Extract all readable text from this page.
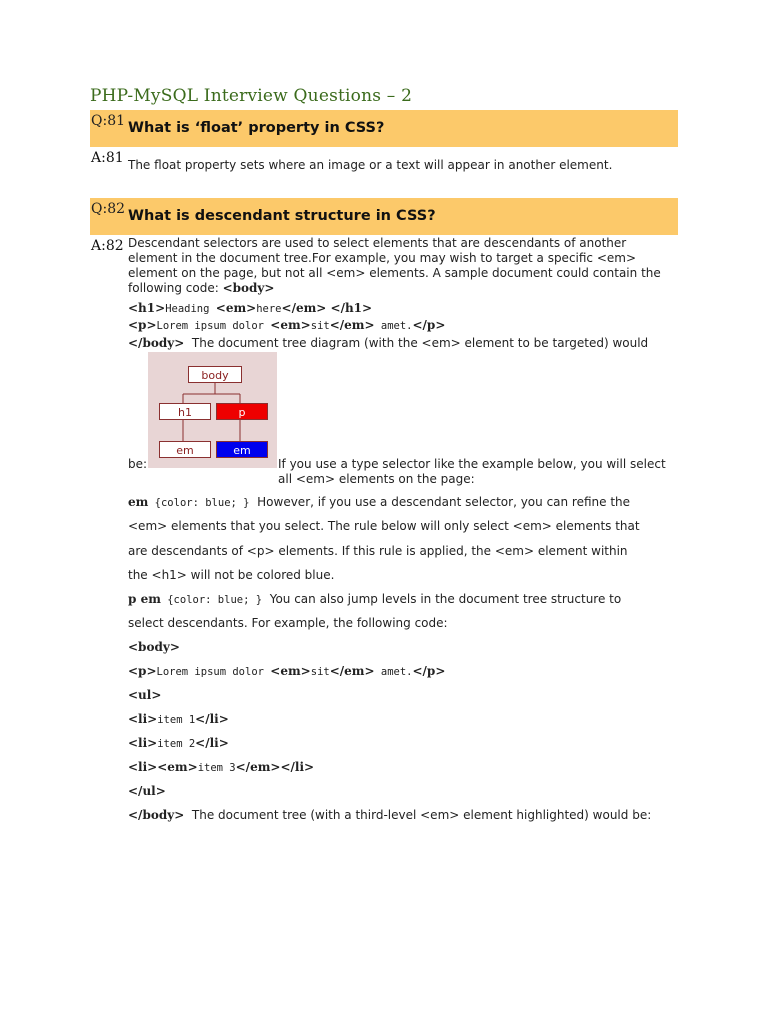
PHP-MySQL Interview Questions – 2
Q:81 What is ‘float’ property in CSS?
A:81 The float property sets where an image or a text will appear in another element.
Q:82 What is descendant structure in CSS?
A:82 Descendant selectors are used to select elements that are descendants of another element in the document tree.For example, you may wish to target a specific <em> element on the page, but not all <em> elements. A sample document could contain the following code: <body>
<h1>Heading <em>here</em> </h1>
<p>Lorem ipsum dolor <em>sit</em> amet.</p>
</body> The document tree diagram (with the <em> element to be targeted) would
body
h1	p
em	em
be:	If you use a type selector like the example below, you will select all <em> elements on the page:
em {color: blue; } However, if you use a descendant selector, you can refine the
<em> elements that you select. The rule below will only select <em> elements that
are descendants of <p> elements. If this rule is applied, the <em> element within
the <h1> will not be colored blue.
p em {color: blue; } You can also jump levels in the document tree structure to
select descendants. For example, the following code:
<body>
<p>Lorem ipsum dolor <em>sit</em> amet.</p>
<ul>
<li>item 1</li>
<li>item 2</li>
<li><em>item 3</em></li>
</ul>
</body> The document tree (with a third-level <em> element highlighted) would be:
